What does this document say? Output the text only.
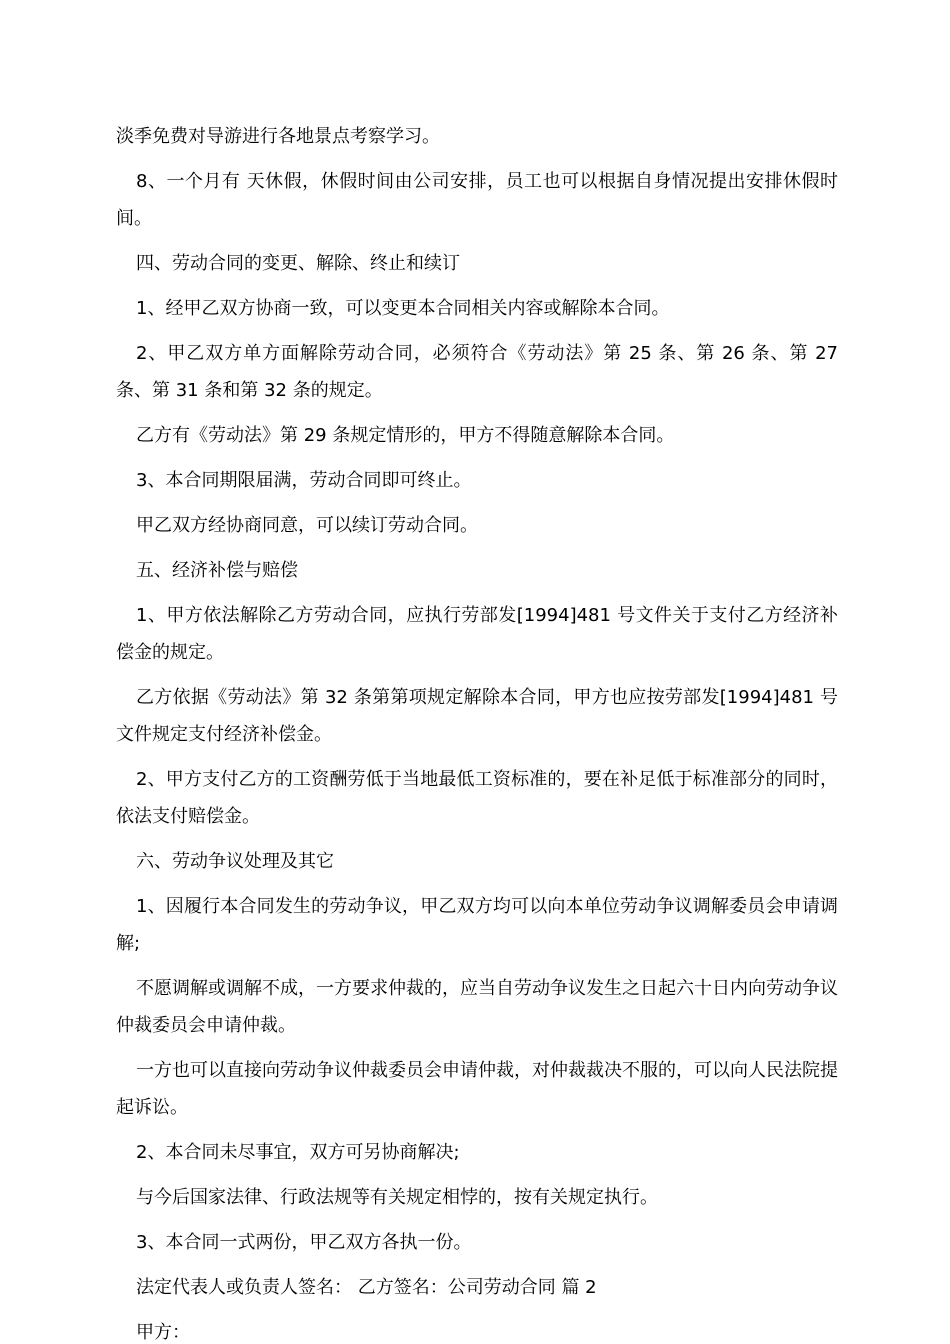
淡季免费对导游进行各地景点考察学习。

8、一个月有 天休假，休假时间由公司安排，员工也可以根据自身情况提出安排休假时间。

四、劳动合同的变更、解除、终止和续订

1、经甲乙双方协商一致，可以变更本合同相关内容或解除本合同。

2、甲乙双方单方面解除劳动合同，必须符合《劳动法》第 25 条、第 26 条、第 27 条、第 31 条和第 32 条的规定。

乙方有《劳动法》第 29 条规定情形的，甲方不得随意解除本合同。

3、本合同期限届满，劳动合同即可终止。

甲乙双方经协商同意，可以续订劳动合同。

五、经济补偿与赔偿

1、甲方依法解除乙方劳动合同，应执行劳部发[1994]481 号文件关于支付乙方经济补偿金的规定。

乙方依据《劳动法》第 32 条第第项规定解除本合同，甲方也应按劳部发[1994]481 号文件规定支付经济补偿金。

2、甲方支付乙方的工资酬劳低于当地最低工资标准的，要在补足低于标准部分的同时，依法支付赔偿金。

六、劳动争议处理及其它

1、因履行本合同发生的劳动争议，甲乙双方均可以向本单位劳动争议调解委员会申请调解;

不愿调解或调解不成，一方要求仲裁的，应当自劳动争议发生之日起六十日内向劳动争议仲裁委员会申请仲裁。

一方也可以直接向劳动争议仲裁委员会申请仲裁，对仲裁裁决不服的，可以向人民法院提起诉讼。

2、本合同未尽事宜，双方可另协商解决;

与今后国家法律、行政法规等有关规定相悖的，按有关规定执行。

3、本合同一式两份，甲乙双方各执一份。

法定代表人或负责人签名： 乙方签名：公司劳动合同 篇 2

甲方：
